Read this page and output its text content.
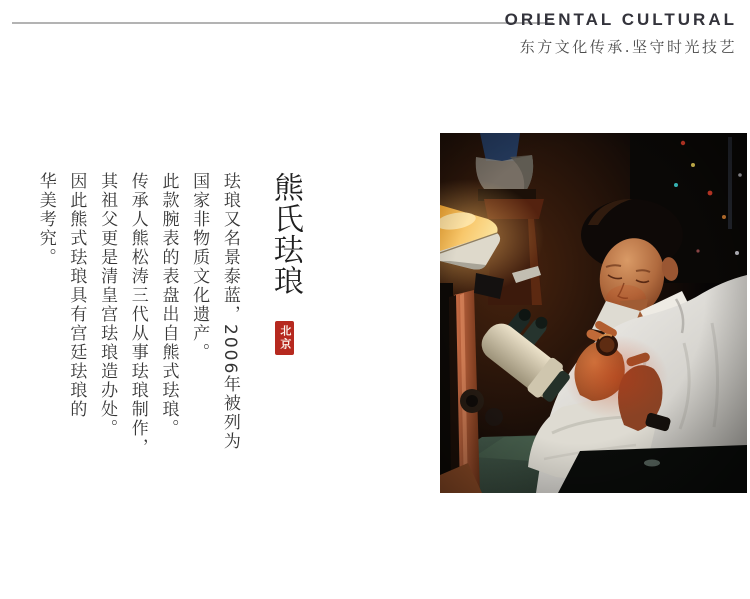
ORIENTAL CULTURAL
东方文化传承.坚守时光技艺
熊氏珐琅 北京
珐琅又名景泰蓝，2006年被列为
国家非物质文化遗产。
此款腕表的表盘出自熊式珐琅。
传承人熊松涛三代从事珐琅制作，
其祖父更是清皇宫珐琅造办处。
因此熊式珐琅具有宫廷珐琅的
华美考究。
